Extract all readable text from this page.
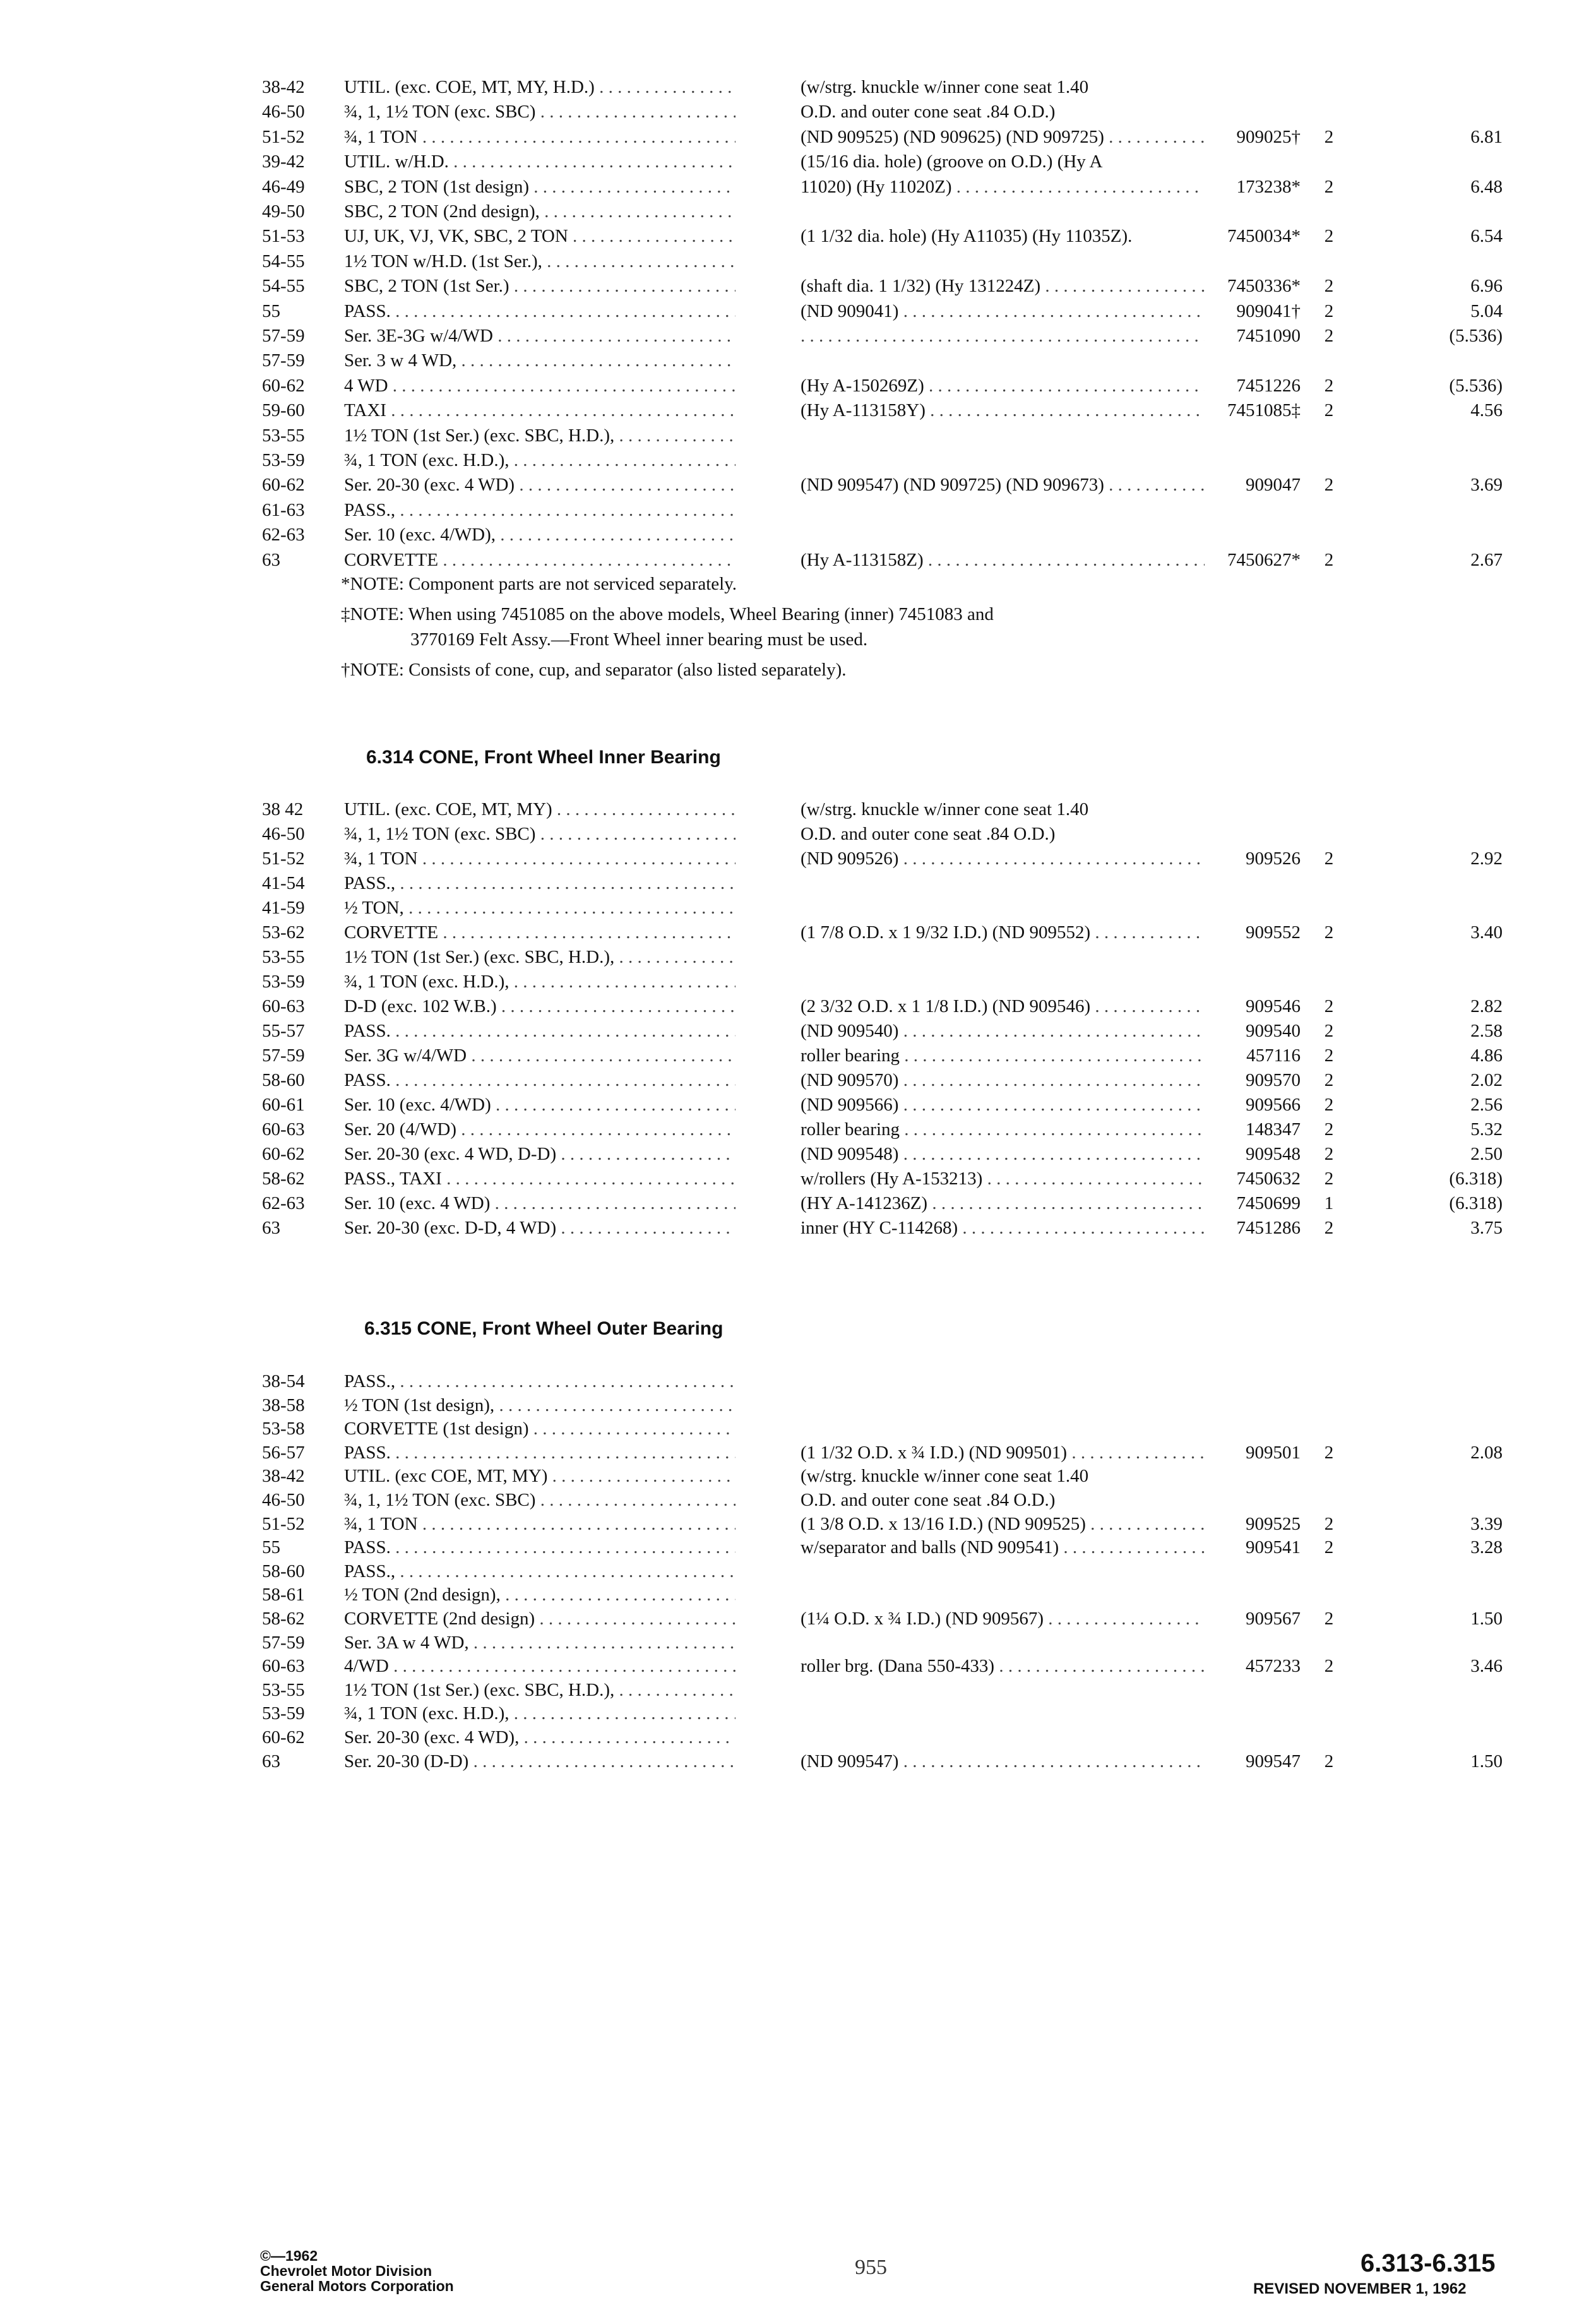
38-42	UTIL. (exc. COE, MT, MY, H.D.) . . .	(w/strg. knuckle w/inner cone seat 1.40
46-50	¾, 1, 1½ TON (exc. SBC) . . .	O.D. and outer cone seat .84 O.D.)
51-52	¾, 1 TON . . .	(ND 909525) (ND 909625) (ND 909725) . . .	909025†	2	6.81
39-42	UTIL. w/H.D. . . .	(15/16 dia. hole) (groove on O.D.) (Hy A
46-49	SBC, 2 TON (1st design) . . .	11020) (Hy 11020Z) . . .	173238*	2	6.48
49-50	SBC, 2 TON (2nd design), . . .
51-53	UJ, UK, VJ, VK, SBC, 2 TON . . .	(1 1/32 dia. hole) (Hy A11035) (Hy 11035Z).	7450034*	2	6.54
54-55	1½ TON w/H.D. (1st Ser.), . . .
54-55	SBC, 2 TON (1st Ser.) . . .	(shaft dia. 1 1/32) (Hy 131224Z) . . .	7450336*	2	6.96
55	PASS. . . .	(ND 909041) . . .	909041†	2	5.04
57-59	Ser. 3E-3G w/4/WD . . .
. . .	7451090	2	(5.536)
57-59	Ser. 3 w 4 WD, . . .
60-62	4 WD . . .	(Hy A-150269Z) . . .	7451226	2	(5.536)
59-60	TAXI . . .	(Hy A-113158Y) . . .	7451085‡	2	4.56
53-55	1½ TON (1st Ser.) (exc. SBC, H.D.), . . .
53-59	¾, 1 TON (exc. H.D.), . . .
60-62	Ser. 20-30 (exc. 4 WD) . . .	(ND 909547) (ND 909725) (ND 909673) . . .	909047	2	3.69
61-63	PASS., . . .
62-63	Ser. 10 (exc. 4/WD), . . .
63	CORVETTE . . .	(Hy A-113158Z) . . .	7450627*	2	2.67
*NOTE: Component parts are not serviced separately.
‡NOTE: When using 7451085 on the above models, Wheel Bearing (inner) 7451083 and
3770169 Felt Assy.—Front Wheel inner bearing must be used.
†NOTE: Consists of cone, cup, and separator (also listed separately).
6.314 CONE, Front Wheel Inner Bearing
38 42	UTIL. (exc. COE, MT, MY) . . .	(w/strg. knuckle w/inner cone seat 1.40
46-50	¾, 1, 1½ TON (exc. SBC) . . .	O.D. and outer cone seat .84 O.D.)
51-52	¾, 1 TON . . .	(ND 909526) . . .	909526	2	2.92
41-54	PASS., . . .
41-59	½ TON, . . .
53-62	CORVETTE . . .	(1 7/8 O.D. x 1 9/32 I.D.) (ND 909552) . . .	909552	2	3.40
53-55	1½ TON (1st Ser.) (exc. SBC, H.D.), . . .
53-59	¾, 1 TON (exc. H.D.), . . .
60-63	D-D (exc. 102 W.B.) . . .	(2 3/32 O.D. x 1 1/8 I.D.) (ND 909546) . . .	909546	2	2.82
55-57	PASS. . . .	(ND 909540) . . .	909540	2	2.58
57-59	Ser. 3G w/4/WD . . .	roller bearing . . .	457116	2	4.86
58-60	PASS. . . .	(ND 909570) . . .	909570	2	2.02
60-61	Ser. 10 (exc. 4/WD) . . .	(ND 909566) . . .	909566	2	2.56
60-63	Ser. 20 (4/WD) . . .	roller bearing . . .	148347	2	5.32
60-62	Ser. 20-30 (exc. 4 WD, D-D) . . .	(ND 909548) . . .	909548	2	2.50
58-62	PASS., TAXI . . .	w/rollers (Hy A-153213) . . .	7450632	2	(6.318)
62-63	Ser. 10 (exc. 4 WD) . . .	(HY A-141236Z) . . .	7450699	1	(6.318)
63	Ser. 20-30 (exc. D-D, 4 WD) . . .	inner (HY C-114268) . . .	7451286	2	3.75
6.315 CONE, Front Wheel Outer Bearing
38-54	PASS., . . .
38-58	½ TON (1st design), . . .
53-58	CORVETTE (1st design) . . .
56-57	PASS. . . .	(1 1/32 O.D. x ¾ I.D.) (ND 909501) . . .	909501	2	2.08
38-42	UTIL. (exc COE, MT, MY) . . .	(w/strg. knuckle w/inner cone seat 1.40
46-50	¾, 1, 1½ TON (exc. SBC) . . .	O.D. and outer cone seat .84 O.D.)
51-52	¾, 1 TON . . .	(1 3/8 O.D. x 13/16 I.D.) (ND 909525) . . .	909525	2	3.39
55	PASS. . . .	w/separator and balls (ND 909541) . . .	909541	2	3.28
58-60	PASS., . . .
58-61	½ TON (2nd design), . . .
58-62	CORVETTE (2nd design) . . .	(1¼ O.D. x ¾ I.D.) (ND 909567) . . .	909567	2	1.50
57-59	Ser. 3A w 4 WD, . . .
60-63	4/WD . . .	roller brg. (Dana 550-433) . . .	457233	2	3.46
53-55	1½ TON (1st Ser.) (exc. SBC, H.D.), . . .
53-59	¾, 1 TON (exc. H.D.), . . .
60-62	Ser. 20-30 (exc. 4 WD), . . .
63	Ser. 20-30 (D-D) . . .	(ND 909547) . . .	909547	2	1.50
©—1962
Chevrolet Motor Division
General Motors Corporation
955	6.313-6.315
REVISED NOVEMBER 1, 1962
